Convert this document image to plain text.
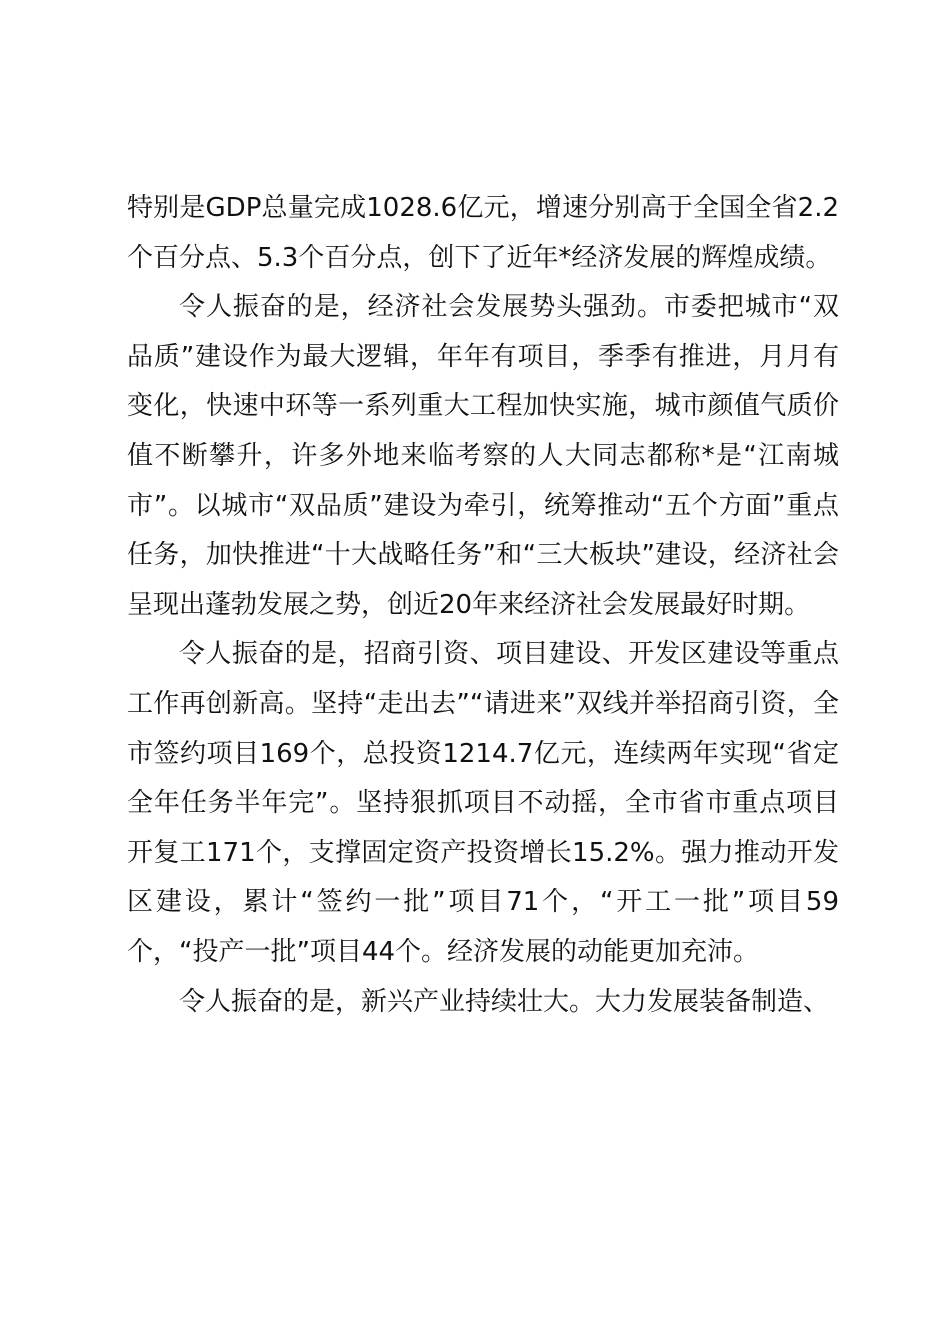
特别是GDP总量完成1028.6亿元，增速分别高于全国全省2.2个百分点、5.3个百分点，创下了近年*经济发展的辉煌成绩。

令人振奋的是，经济社会发展势头强劲。市委把城市“双品质”建设作为最大逻辑，年年有项目，季季有推进，月月有变化，快速中环等一系列重大工程加快实施，城市颜值气质价值不断攀升，许多外地来临考察的人大同志都称*是“江南城市”。以城市“双品质”建设为牵引，统筹推动“五个方面”重点任务，加快推进“十大战略任务”和“三大板块”建设，经济社会呈现出蓬勃发展之势，创近20年来经济社会发展最好时期。

令人振奋的是，招商引资、项目建设、开发区建设等重点工作再创新高。坚持“走出去”“请进来”双线并举招商引资，全市签约项目169个，总投资1214.7亿元，连续两年实现“省定全年任务半年完”。坚持狠抓项目不动摇，全市省市重点项目开复工171个，支撑固定资产投资增长15.2%。强力推动开发区建设，累计“签约一批”项目71个，“开工一批”项目59个，“投产一批”项目44个。经济发展的动能更加充沛。

令人振奋的是，新兴产业持续壮大。大力发展装备制造、
